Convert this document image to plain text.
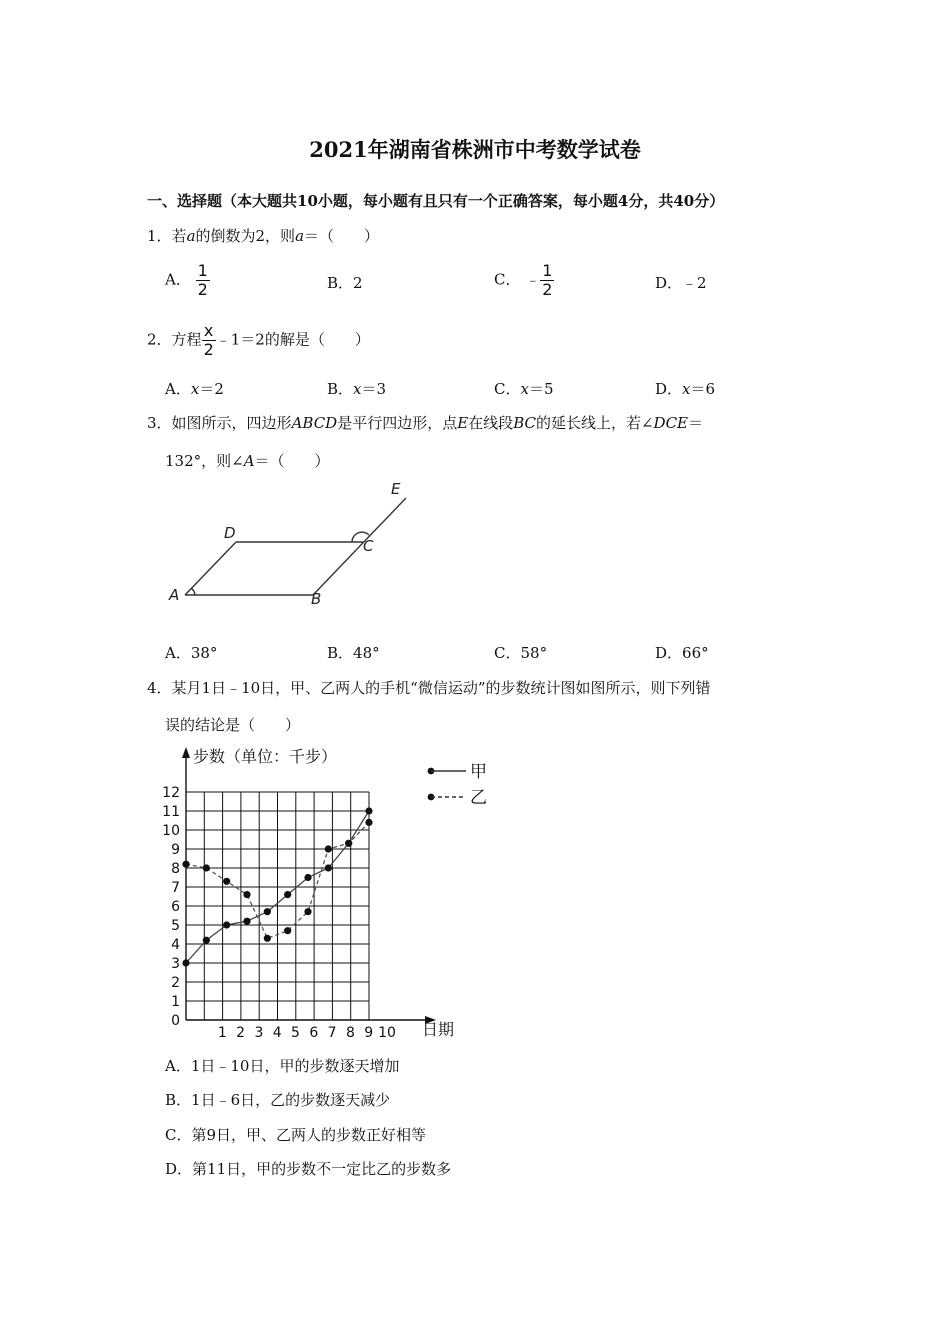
2021年湖南省株洲市中考数学试卷
一、选择题（本大题共10小题，每小题有且只有一个正确答案，每小题4分，共40分）
1．若a的倒数为2，则a＝（　　）
A． $\frac{1}{2}$	B．2	C． ﹣ $\frac{1}{2}$	D．﹣2
2．方程 $\frac{x}{2}$ ﹣1＝2的解是（　　）
A．x＝2	B．x＝3	C．x＝5	D．x＝6
3．如图所示，四边形ABCD是平行四边形，点E在线段BC的延长线上，若∠DCE＝
132°，则∠A＝（　　）
A	B
C
D
E
A．38°	B．48°	C．58°	D．66°
4．某月1日﹣10日，甲、乙两人的手机“微信运动”的步数统计图如图所示，则下列错
误的结论是（　　）
0
1
2
3
4
5
6
7
8
9
10
11
12
1 2 3 4 5 6 7 8 9 10
甲
乙
步数（单位：千步）
日期
A．1日﹣10日，甲的步数逐天增加
B．1日﹣6日，乙的步数逐天减少
C．第9日，甲、乙两人的步数正好相等
D．第11日，甲的步数不一定比乙的步数多
